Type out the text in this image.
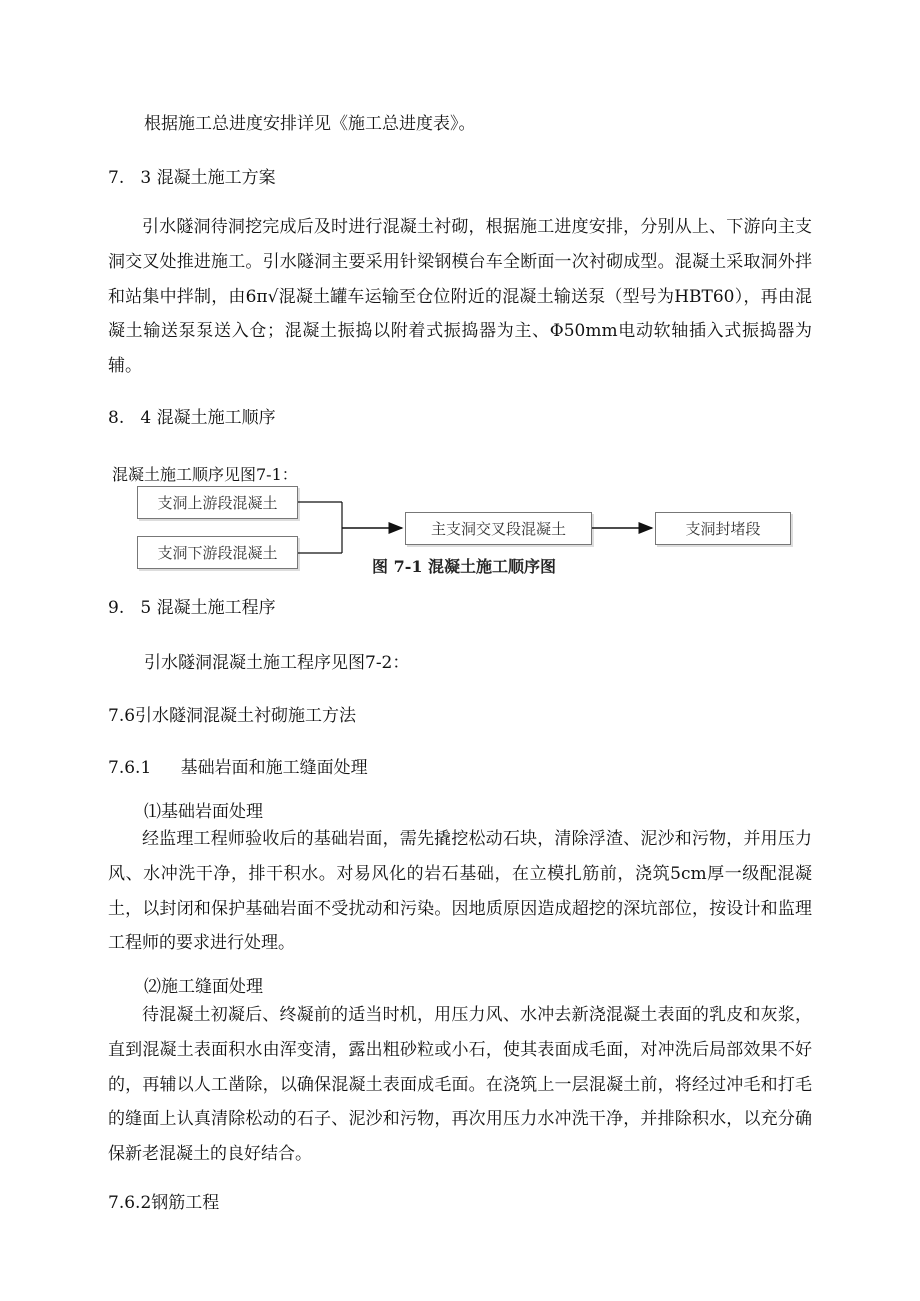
根据施工总进度安排详见《施工总进度表》。
7.   3 混凝土施工方案
引水隧洞待洞挖完成后及时进行混凝土衬砌，根据施工进度安排，分别从上、下游向主支洞交叉处推进施工。引水隧洞主要采用针梁钢模台车全断面一次衬砌成型。混凝土采取洞外拌和站集中拌制，由6π√混凝土罐车运输至仓位附近的混凝土输送泵（型号为HBT60），再由混凝土输送泵泵送入仓；混凝土振捣以附着式振捣器为主、Φ50mm电动软轴插入式振捣器为辅。
8.   4 混凝土施工顺序
混凝土施工顺序见图7-1：
支洞上游段混凝土
支洞下游段混凝土
主支洞交叉段混凝土	支洞封堵段
图 7-1 混凝土施工顺序图
9.   5 混凝土施工程序
引水隧洞混凝土施工程序见图7-2：
7.6引水隧洞混凝土衬砌施工方法
7.6.1 基础岩面和施工缝面处理
⑴基础岩面处理
经监理工程师验收后的基础岩面，需先撬挖松动石块，清除浮渣、泥沙和污物，并用压力风、水冲洗干净，排干积水。对易风化的岩石基础，在立模扎筋前，浇筑5cm厚一级配混凝土，以封闭和保护基础岩面不受扰动和污染。因地质原因造成超挖的深坑部位，按设计和监理工程师的要求进行处理。
⑵施工缝面处理
待混凝土初凝后、终凝前的适当时机，用压力风、水冲去新浇混凝土表面的乳皮和灰浆，直到混凝土表面积水由浑变清，露出粗砂粒或小石，使其表面成毛面，对冲洗后局部效果不好的，再辅以人工凿除，以确保混凝土表面成毛面。在浇筑上一层混凝土前，将经过冲毛和打毛的缝面上认真清除松动的石子、泥沙和污物，再次用压力水冲洗干净，并排除积水，以充分确保新老混凝土的良好结合。
7.6.2钢筋工程
